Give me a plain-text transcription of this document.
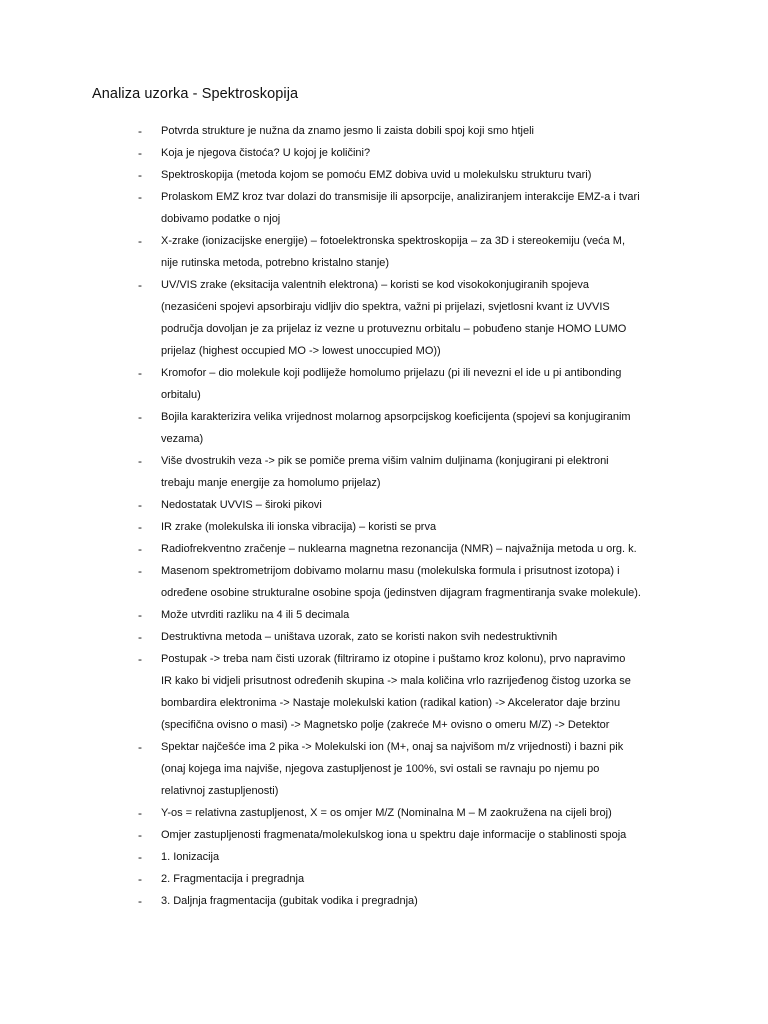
Analiza uzorka - Spektroskopija
- Potvrda strukture je nužna da znamo jesmo li zaista dobili spoj koji smo htjeli
- Koja je njegova čistoća? U kojoj je količini?
- Spektroskopija (metoda kojom se pomoću EMZ dobiva uvid u molekulsku strukturu tvari)
- Prolaskom EMZ kroz tvar dolazi do transmisije ili apsorpcije, analiziranjem interakcije EMZ-a i tvari
dobivamo podatke o njoj
- X-zrake (ionizacijske energije) – fotoelektronska spektroskopija – za 3D i stereokemiju (veća M,
nije rutinska metoda, potrebno kristalno stanje)
- UV/VIS zrake (eksitacija valentnih elektrona) – koristi se kod visokokonjugiranih spojeva
(nezasićeni spojevi apsorbiraju vidljiv dio spektra, važni pi prijelazi, svjetlosni kvant iz UVVIS
područja dovoljan je za prijelaz iz vezne u protuveznu orbitalu – pobuđeno stanje HOMO LUMO
prijelaz (highest occupied MO -> lowest unoccupied MO))
- Kromofor – dio molekule koji podliježe homolumo prijelazu (pi ili nevezni el ide u pi antibonding
orbitalu)
- Bojila karakterizira velika vrijednost molarnog apsorpcijskog koeficijenta (spojevi sa konjugiranim
vezama)
- Više dvostrukih veza -> pik se pomiče prema višim valnim duljinama (konjugirani pi elektroni
trebaju manje energije za homolumo prijelaz)
- Nedostatak UVVIS – široki pikovi
- IR zrake (molekulska ili ionska vibracija) – koristi se prva
- Radiofrekventno zračenje – nuklearna magnetna rezonancija (NMR) – najvažnija metoda u org. k.
- Masenom spektrometrijom dobivamo molarnu masu (molekulska formula i prisutnost izotopa) i
određene osobine strukturalne osobine spoja (jedinstven dijagram fragmentiranja svake molekule).
- Može utvrditi razliku na 4 ili 5 decimala
- Destruktivna metoda – uništava uzorak, zato se koristi nakon svih nedestruktivnih
- Postupak -> treba nam čisti uzorak (filtriramo iz otopine i puštamo kroz kolonu), prvo napravimo
IR kako bi vidjeli prisutnost određenih skupina -> mala količina vrlo razrijeđenog čistog uzorka se
bombardira elektronima -> Nastaje molekulski kation (radikal kation) -> Akcelerator daje brzinu
(specifična ovisno o masi) -> Magnetsko polje (zakreće M+ ovisno o omeru M/Z) -> Detektor
- Spektar najčešće ima 2 pika -> Molekulski ion (M+, onaj sa najvišom m/z vrijednosti) i bazni pik
(onaj kojega ima najviše, njegova zastupljenost je 100%, svi ostali se ravnaju po njemu po
relativnoj zastupljenosti)
- Y-os = relativna zastupljenost, X = os omjer M/Z (Nominalna M – M zaokružena na cijeli broj)
- Omjer zastupljenosti fragmenata/molekulskog iona u spektru daje informacije o stablinosti spoja
- 1. Ionizacija
- 2. Fragmentacija i pregradnja
- 3. Daljnja fragmentacija (gubitak vodika i pregradnja)
